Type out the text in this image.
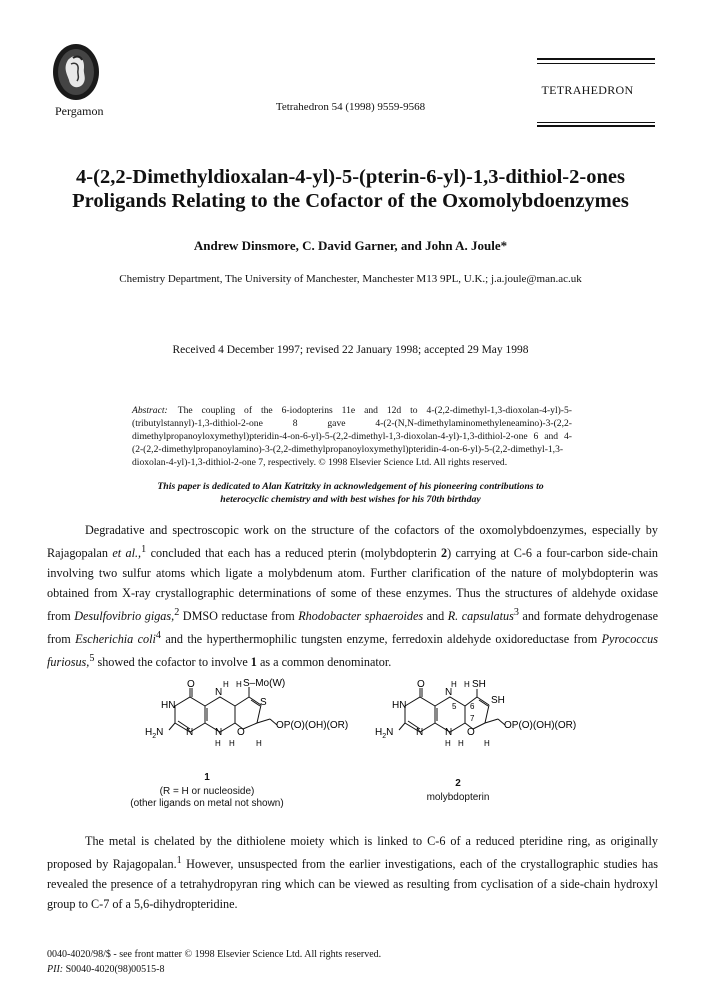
Pergamon	Tetrahedron 54 (1998) 9559-9568
TETRAHEDRON
4-(2,2-Dimethyldioxalan-4-yl)-5-(pterin-6-yl)-1,3-dithiol-2-ones
Proligands Relating to the Cofactor of the Oxomolybdoenzymes
Andrew Dinsmore, C. David Garner, and John A. Joule*
Chemistry Department, The University of Manchester, Manchester M13 9PL, U.K.; j.a.joule@man.ac.uk
Received 4 December 1997; revised 22 January 1998; accepted 29 May 1998
Abstract: The coupling of the 6-iodopterins 11e and 12d to 4-(2,2-dimethyl-1,3-dioxolan-4-yl)-5-(tributylstannyl)-1,3-dithiol-2-one 8 gave 4-(2-(N,N-dimethylaminomethyleneamino)-3-(2,2-dimethylpropanoyloxymethyl)pteridin-4-on-6-yl)-5-(2,2-dimethyl-1,3-dioxolan-4-yl)-1,3-dithiol-2-one 6 and 4-(2-(2,2-dimethylpropanoylamino)-3-(2,2-dimethylpropanoyloxymethyl)pteridin-4-on-6-yl)-5-(2,2-dimethyl-1,3-dioxolan-4-yl)-1,3-dithiol-2-one 7, respectively. © 1998 Elsevier Science Ltd. All rights reserved.
This paper is dedicated to Alan Katritzky in acknowledgement of his pioneering contributions to
heterocyclic chemistry and with best wishes for his 70th birthday

Degradative and spectroscopic work on the structure of the cofactors of the oxomolybdoenzymes, especially by Rajagopalan et al.,$^1$ concluded that each has a reduced pterin (molybdopterin 2) carrying at C-6 a four-carbon side-chain involving two sulfur atoms which ligate a molybdenum atom. Further clarification of the nature of molybdopterin was obtained from X-ray crystallographic determinations of some of these enzymes. Thus the structures of aldehyde oxidase from Desulfovibrio gigas,$^2$ DMSO reductase from Rhodobacter sphaeroides and R. capsulatus$^3$ and formate dehydrogenase from Escherichia coli$^4$ and the hyperthermophilic tungsten enzyme, ferredoxin aldehyde oxidoreductase from Pyrococcus furiosus,$^5$ showed the cofactor to involve 1 as a common denominator.

O
HN
N
H H S–Mo(W)
S
$H_2N$ N N O
H H	H
OP(O)(OH)(OR)
1
(R = H or nucleoside)
(other ligands on metal not shown)
O
HN
N
H H SH
SH
5 6
7
$H_2N$ N N O
H H	H
OP(O)(OH)(OR)
2
molybdopterin

The metal is chelated by the dithiolene moiety which is linked to C-6 of a reduced pteridine ring, as originally proposed by Rajagopalan.$^1$ However, unsuspected from the earlier investigations, each of the crystallographic studies has revealed the presence of a tetrahydropyran ring which can be viewed as resulting from cyclisation of a side-chain hydroxyl group to C-7 of a 5,6-dihydropteridine.

0040-4020/98/$ - see front matter © 1998 Elsevier Science Ltd. All rights reserved.
PII: S0040-4020(98)00515-8
